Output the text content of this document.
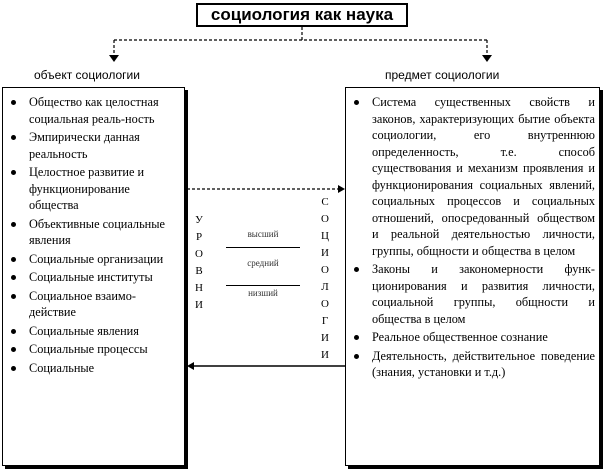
социология как наука
объект социологии	предмет социологии
Общество как целостная социальная реаль-ность
Эмпирически данная реальность
Целостное развитие и функционирование общества
Объективные социальные явления
Социальные организации
Социальные институты
Социальное взаимо-действие
Социальные явления
Социальные процессы
Социальные
Система существенных свойств и законов, характеризующих бытие объекта социологии, его внутреннюю определенность, т.е. способ существования и механизм проявления и функционирования социальных явлений, социальных процессов и социальных отношений, опосредованный обществом и реальной деятельностью личности, группы, общности и общества в целом
Законы и закономерности функ-ционирования и развития личности, социальной группы, общности и общества в целом
Реальное общественное сознание
Деятельность, действительное поведение (знания, установки и т.д.)
У
Р
О
В
Н
И
С
О
Ц
И
О
Л
О
Г
И
И
высший
средний
низший
